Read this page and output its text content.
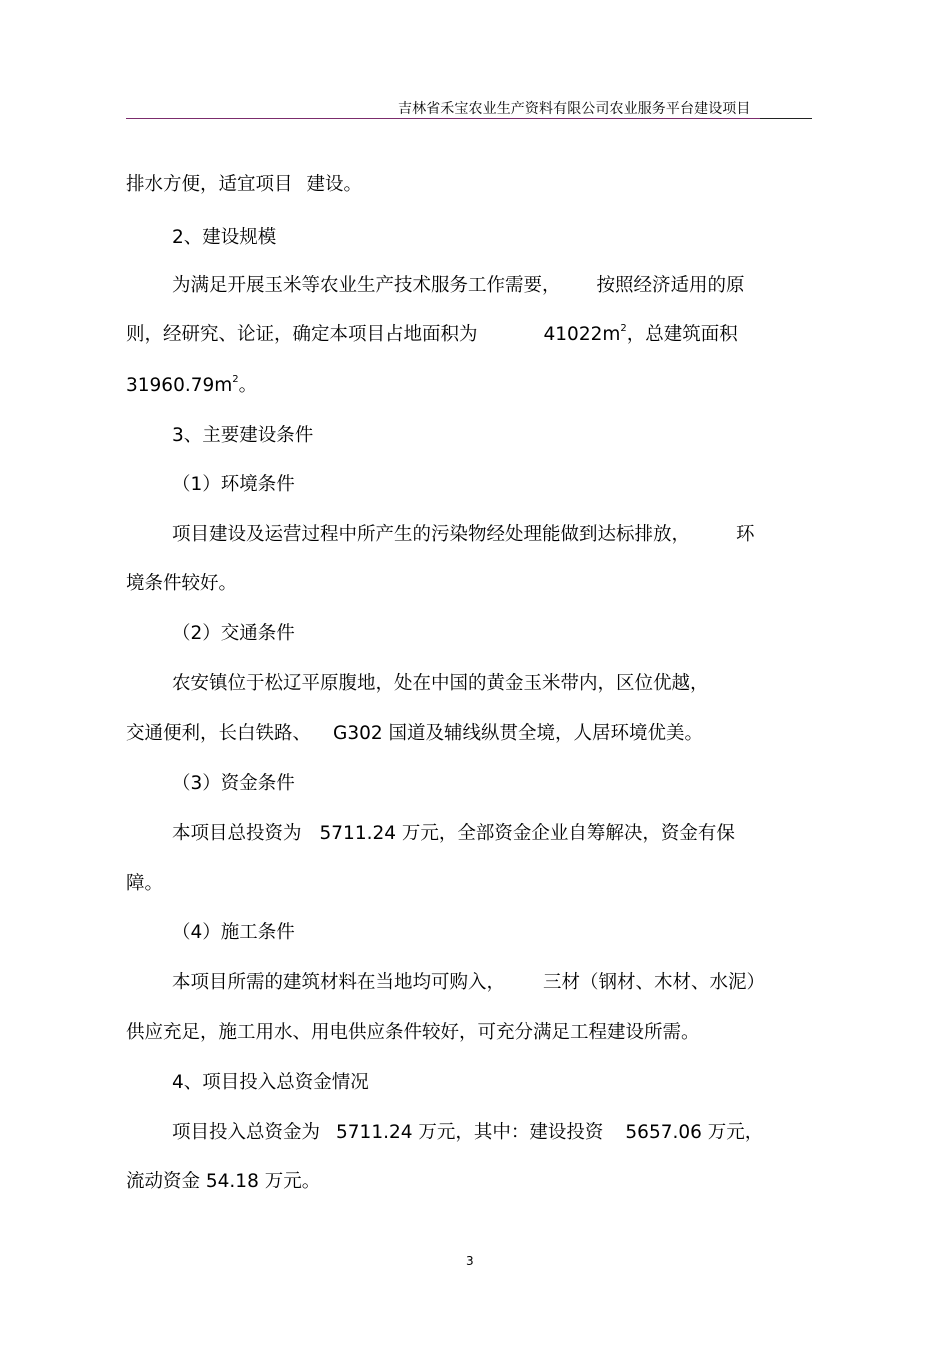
吉林省禾宝农业生产资料有限公司农业服务平台建设项目
排水方便，适宜项目 建设。
2、建设规模
为满足开展玉米等农业生产技术服务工作需要， 按照经济适用的原
则，经研究、论证，确定本项目占地面积为	$41022m^2$，总建筑面积
$31960.79m^2$。
3、主要建设条件
（1）环境条件
项目建设及运营过程中所产生的污染物经处理能做到达标排放， 环
境条件较好。
（2）交通条件
农安镇位于松辽平原腹地，处在中国的黄金玉米带内，区位优越，
交通便利，长白铁路、 G302 国道及辅线纵贯全境，人居环境优美。
（3）资金条件
本项目总投资为 5711.24 万元，全部资金企业自筹解决，资金有保
障。
（4）施工条件
本项目所需的建筑材料在当地均可购入， 三材（钢材、木材、水泥）
供应充足，施工用水、用电供应条件较好，可充分满足工程建设所需。
4、项目投入总资金情况
项目投入总资金为 5711.24 万元，其中：建设投资 5657.06 万元，
流动资金 54.18 万元。
3
